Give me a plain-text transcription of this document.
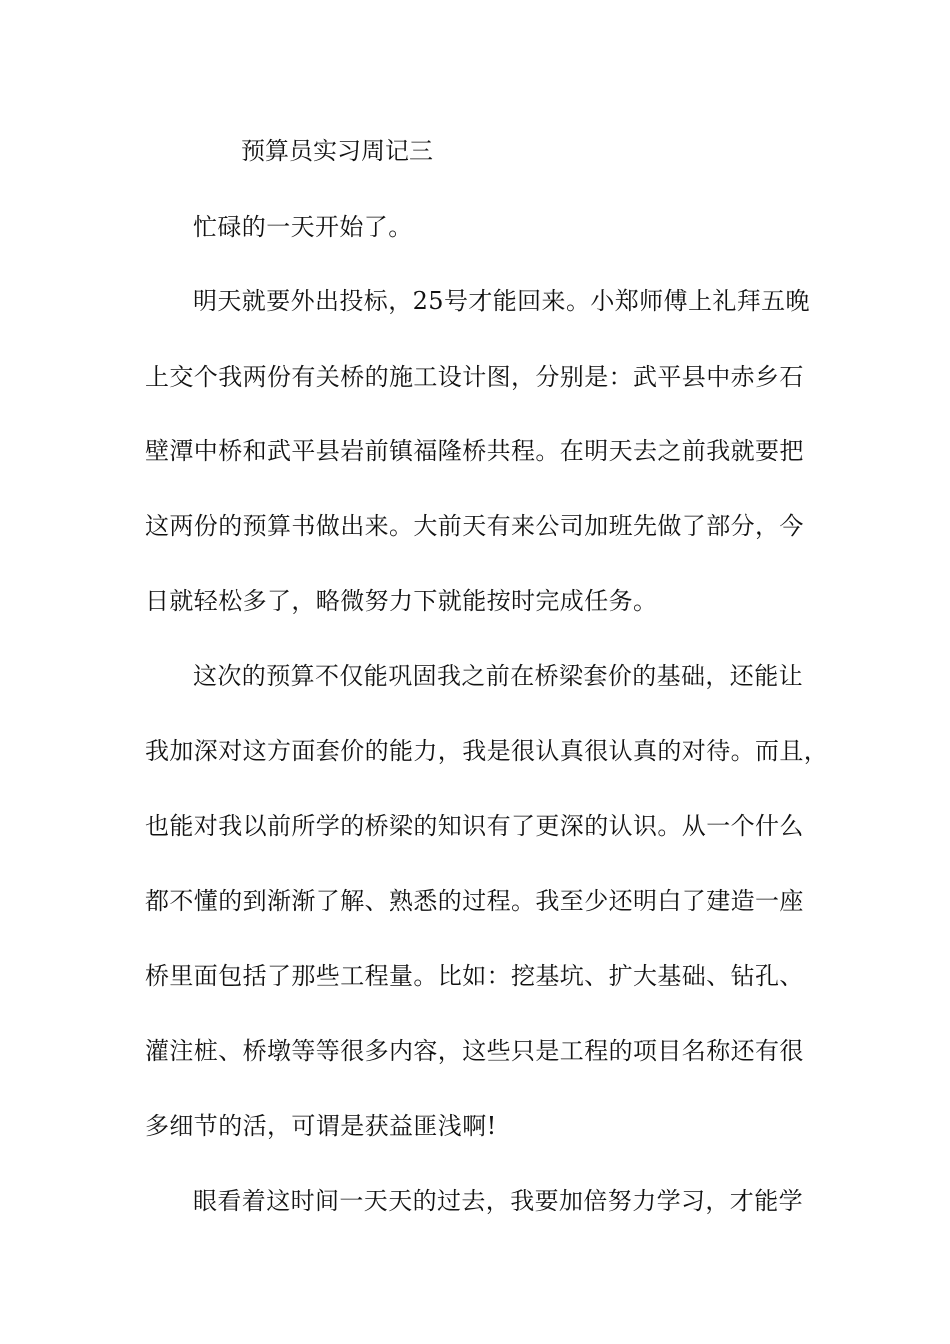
预算员实习周记三
忙碌的一天开始了。
明天就要外出投标，25号才能回来。小郑师傅上礼拜五晚
上交个我两份有关桥的施工设计图，分别是：武平县中赤乡石
壁潭中桥和武平县岩前镇福隆桥共程。在明天去之前我就要把
这两份的预算书做出来。大前天有来公司加班先做了部分，今
日就轻松多了，略微努力下就能按时完成任务。
这次的预算不仅能巩固我之前在桥梁套价的基础，还能让
我加深对这方面套价的能力，我是很认真很认真的对待。而且，
也能对我以前所学的桥梁的知识有了更深的认识。从一个什么
都不懂的到渐渐了解、熟悉的过程。我至少还明白了建造一座
桥里面包括了那些工程量。比如：挖基坑、扩大基础、钻孔、
灌注桩、桥墩等等很多内容，这些只是工程的项目名称还有很
多细节的活，可谓是获益匪浅啊!
眼看着这时间一天天的过去，我要加倍努力学习，才能学
